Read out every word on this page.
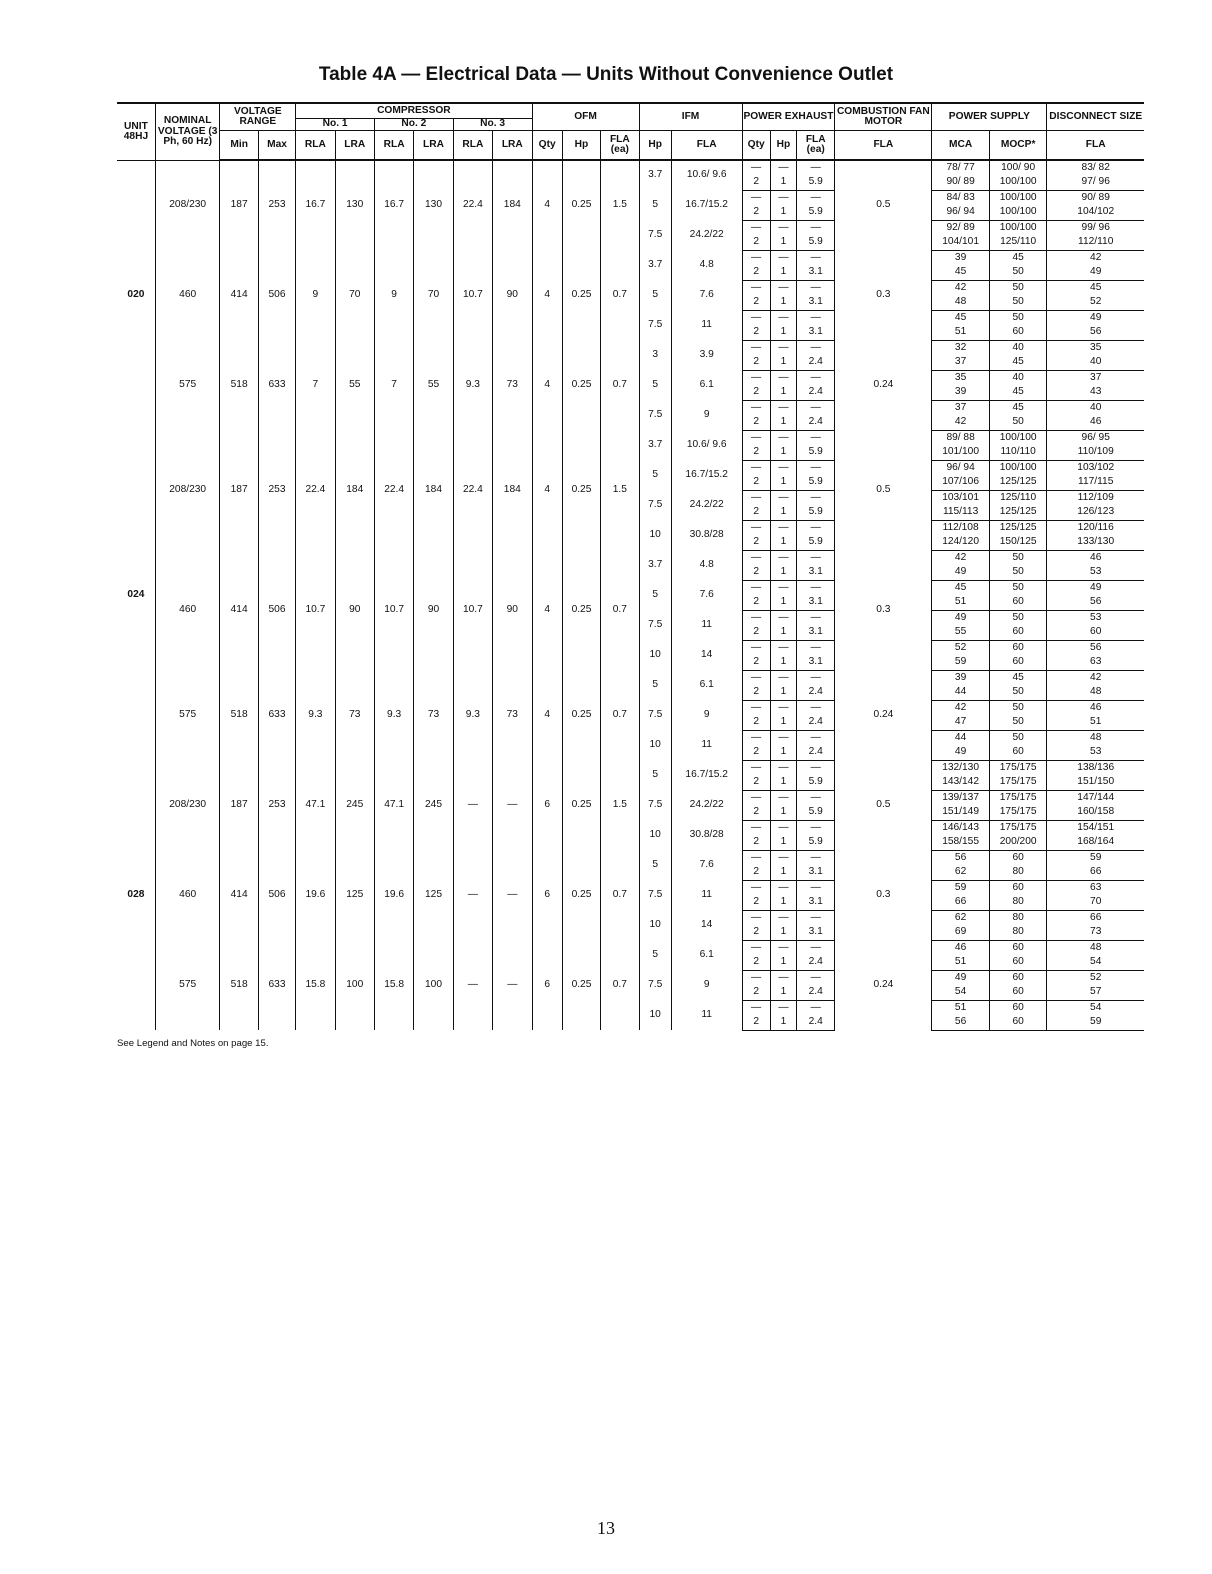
Table 4A — Electrical Data — Units Without Convenience Outlet
UNIT 48HJ	NOMINAL VOLTAGE (3 Ph, 60 Hz)	VOLTAGE RANGE		COMPRESSOR						OFM			IFM		POWER EXHAUST			COMBUSTION FAN MOTOR	POWER SUPPLY		DISCONNECT SIZE
				No. 1		No. 2		No. 3													
		Min	Max	RLA	LRA	RLA	LRA	RLA	LRA	Qty	Hp	FLA (ea)	Hp	FLA	Qty	Hp	FLA (ea)	FLA	MCA	MOCP*	FLA
020	208/230	187	253	16.7	130	16.7	130	22.4	184	4	0.25	1.5	3.7	10.6/ 9.6	—	—	—	0.5	78/ 77	100/ 90	83/ 82
															2	1	5.9		90/ 89	100/100	97/ 96
													5	16.7/15.2	—	—	—		84/ 83	100/100	90/ 89
															2	1	5.9		96/ 94	100/100	104/102
													7.5	24.2/22	—	—	—		92/ 89	100/100	99/ 96
															2	1	5.9		104/101	125/110	112/110
	460	414	506	9	70	9	70	10.7	90	4	0.25	0.7	3.7	4.8	—	—	—	0.3	39	45	42
															2	1	3.1		45	50	49
													5	7.6	—	—	—		42	50	45
															2	1	3.1		48	50	52
													7.5	11	—	—	—		45	50	49
															2	1	3.1		51	60	56
	575	518	633	7	55	7	55	9.3	73	4	0.25	0.7	3	3.9	—	—	—	0.24	32	40	35
															2	1	2.4		37	45	40
													5	6.1	—	—	—		35	40	37
															2	1	2.4		39	45	43
													7.5	9	—	—	—		37	45	40
															2	1	2.4		42	50	46
024	208/230	187	253	22.4	184	22.4	184	22.4	184	4	0.25	1.5	3.7	10.6/ 9.6	—	—	—	0.5	89/ 88	100/100	96/ 95
															2	1	5.9		101/100	110/110	110/109
													5	16.7/15.2	—	—	—		96/ 94	100/100	103/102
															2	1	5.9		107/106	125/125	117/115
													7.5	24.2/22	—	—	—		103/101	125/110	112/109
															2	1	5.9		115/113	125/125	126/123
													10	30.8/28	—	—	—		112/108	125/125	120/116
															2	1	5.9		124/120	150/125	133/130
	460	414	506	10.7	90	10.7	90	10.7	90	4	0.25	0.7	3.7	4.8	—	—	—	0.3	42	50	46
															2	1	3.1		49	50	53
													5	7.6	—	—	—		45	50	49
															2	1	3.1		51	60	56
													7.5	11	—	—	—		49	50	53
															2	1	3.1		55	60	60
													10	14	—	—	—		52	60	56
															2	1	3.1		59	60	63
	575	518	633	9.3	73	9.3	73	9.3	73	4	0.25	0.7	5	6.1	—	—	—	0.24	39	45	42
															2	1	2.4		44	50	48
													7.5	9	—	—	—		42	50	46
															2	1	2.4		47	50	51
													10	11	—	—	—		44	50	48
															2	1	2.4		49	60	53
028	208/230	187	253	47.1	245	47.1	245	—	—	6	0.25	1.5	5	16.7/15.2	—	—	—	0.5	132/130	175/175	138/136
															2	1	5.9		143/142	175/175	151/150
													7.5	24.2/22	—	—	—		139/137	175/175	147/144
															2	1	5.9		151/149	175/175	160/158
													10	30.8/28	—	—	—		146/143	175/175	154/151
															2	1	5.9		158/155	200/200	168/164
	460	414	506	19.6	125	19.6	125	—	—	6	0.25	0.7	5	7.6	—	—	—	0.3	56	60	59
															2	1	3.1		62	80	66
													7.5	11	—	—	—		59	60	63
															2	1	3.1		66	80	70
													10	14	—	—	—		62	80	66
															2	1	3.1		69	80	73
	575	518	633	15.8	100	15.8	100	—	—	6	0.25	0.7	5	6.1	—	—	—	0.24	46	60	48
															2	1	2.4		51	60	54
													7.5	9	—	—	—		49	60	52
															2	1	2.4		54	60	57
													10	11	—	—	—		51	60	54
															2	1	2.4		56	60	59
See Legend and Notes on page 15.
13
